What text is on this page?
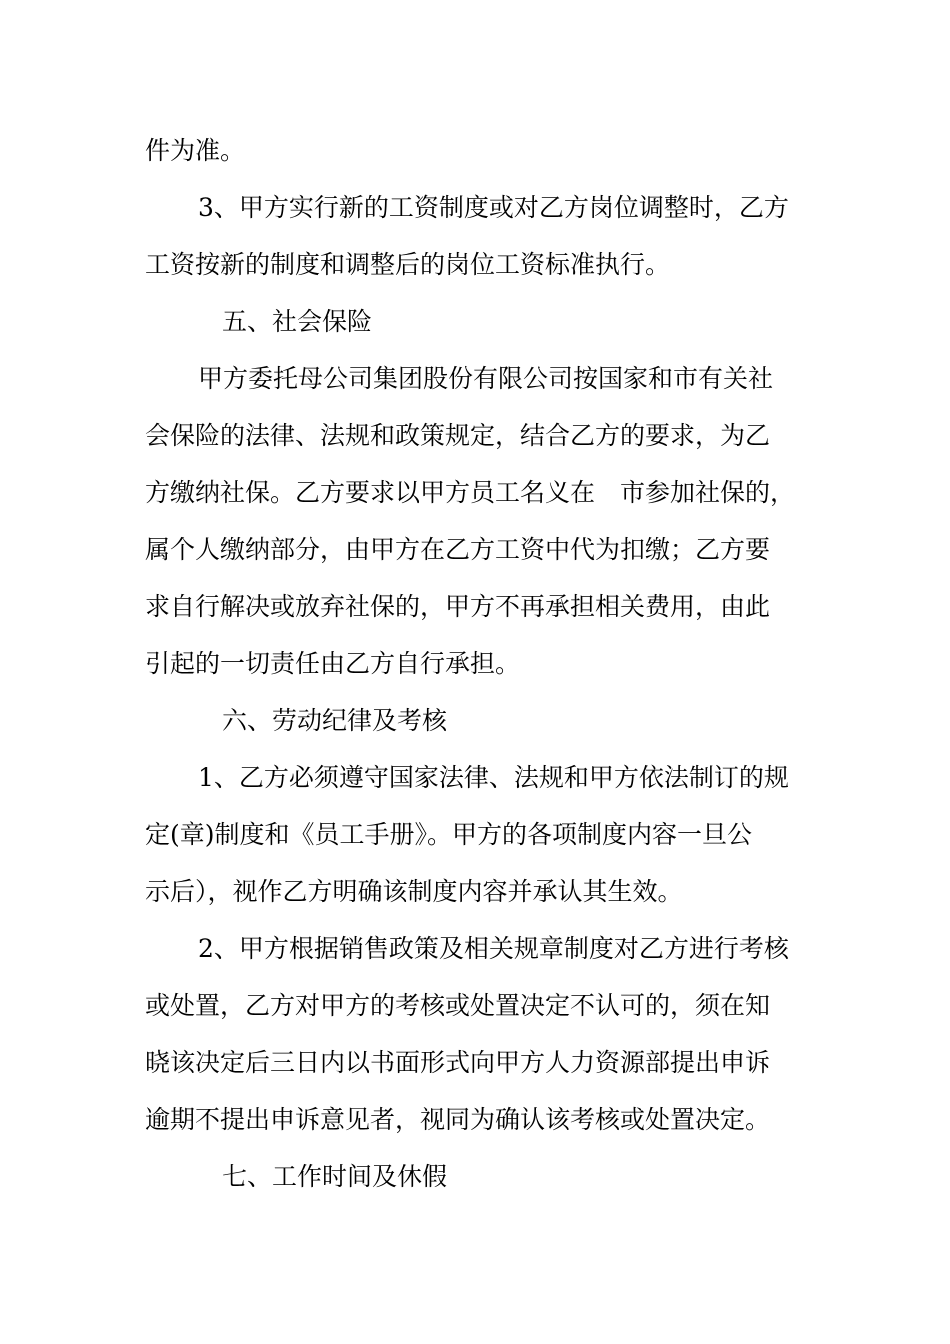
件为准。
3、甲方实行新的工资制度或对乙方岗位调整时，乙方
工资按新的制度和调整后的岗位工资标准执行。
五、社会保险
甲方委托母公司集团股份有限公司按国家和市有关社
会保险的法律、法规和政策规定，结合乙方的要求，为乙
方缴纳社保。乙方要求以甲方员工名义在　市参加社保的，
属个人缴纳部分，由甲方在乙方工资中代为扣缴；乙方要
求自行解决或放弃社保的，甲方不再承担相关费用，由此
引起的一切责任由乙方自行承担。
六、劳动纪律及考核
1、乙方必须遵守国家法律、法规和甲方依法制订的规
定(章)制度和《员工手册》。甲方的各项制度内容一旦公
示后），视作乙方明确该制度内容并承认其生效。
2、甲方根据销售政策及相关规章制度对乙方进行考核
或处置，乙方对甲方的考核或处置决定不认可的，须在知
晓该决定后三日内以书面形式向甲方人力资源部提出申诉
逾期不提出申诉意见者，视同为确认该考核或处置决定。
七、工作时间及休假
